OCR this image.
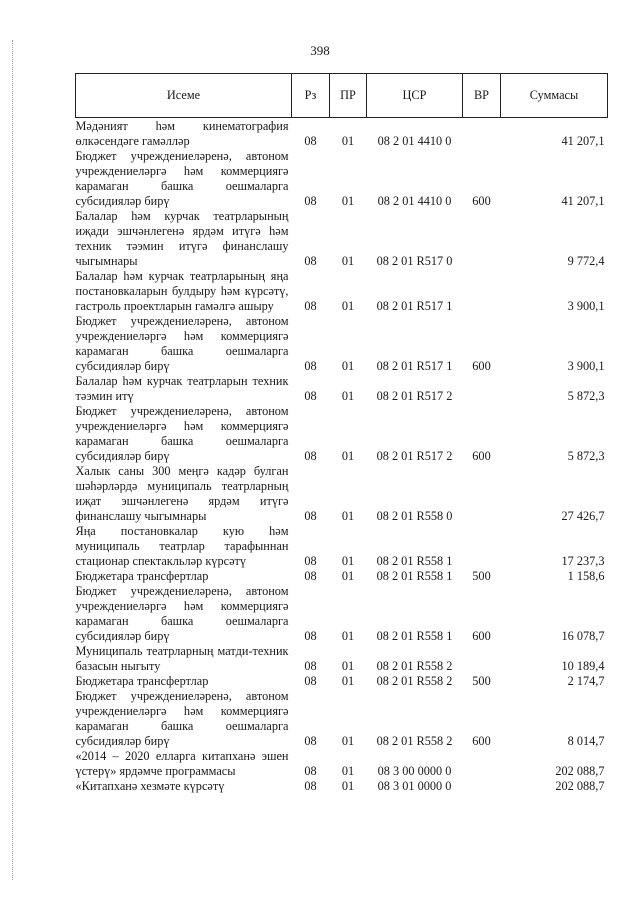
398
Исеме	Рз	ПР	ЦСР	ВР	Суммасы
Мәдәният һәм кинематография өлкәсендәге гамәлләр	08	01	08 2 01 4410 0		41 207,1
Бюджет учреждениеләренә, автоном учреждениеләргә һәм коммерциягә карамаган башка оешмаларга субсидияләр бирү	08	01	08 2 01 4410 0	600	41 207,1
Балалар һәм курчак театрларының иҗади эшчәнлегенә ярдәм итүгә һәм техник тәэмин итүгә финанслашу чыгымнары	08	01	08 2 01 R517 0		9 772,4
Балалар һәм курчак театрларының яңа постановкаларын булдыру һәм күрсәтү, гастроль проектларын гамәлгә ашыру	08	01	08 2 01 R517 1		3 900,1
Бюджет учреждениеләренә, автоном учреждениеләргә һәм коммерциягә карамаган башка оешмаларга субсидияләр бирү	08	01	08 2 01 R517 1	600	3 900,1
Балалар һәм курчак театрларын техник тәэмин итү	08	01	08 2 01 R517 2		5 872,3
Бюджет учреждениеләренә, автоном учреждениеләргә һәм коммерциягә карамаган башка оешмаларга субсидияләр бирү	08	01	08 2 01 R517 2	600	5 872,3
Халык саны 300 меңгә кадәр булган шәһәрләрдә муниципаль театрларның иҗат эшчәнлегенә ярдәм итүгә финанслашу чыгымнары	08	01	08 2 01 R558 0		27 426,7
Яңа постановкалар кую һәм муниципаль театрлар тарафыннан стационар спектакльләр күрсәтү	08	01	08 2 01 R558 1		17 237,3
Бюджетара трансфертлар	08	01	08 2 01 R558 1	500	1 158,6
Бюджет учреждениеләренә, автоном учреждениеләргә һәм коммерциягә карамаган башка оешмаларга субсидияләр бирү	08	01	08 2 01 R558 1	600	16 078,7
Муниципаль театрларның матди-техник базасын ныгыту	08	01	08 2 01 R558 2		10 189,4
Бюджетара трансфертлар	08	01	08 2 01 R558 2	500	2 174,7
Бюджет учреждениеләренә, автоном учреждениеләргә һәм коммерциягә карамаган башка оешмаларга субсидияләр бирү	08	01	08 2 01 R558 2	600	8 014,7
«2014 – 2020 елларга китапханә эшен үстерү» ярдәмче программасы	08	01	08 3 00 0000 0		202 088,7
«Китапханә хезмәте күрсәтү	08	01	08 3 01 0000 0		202 088,7
